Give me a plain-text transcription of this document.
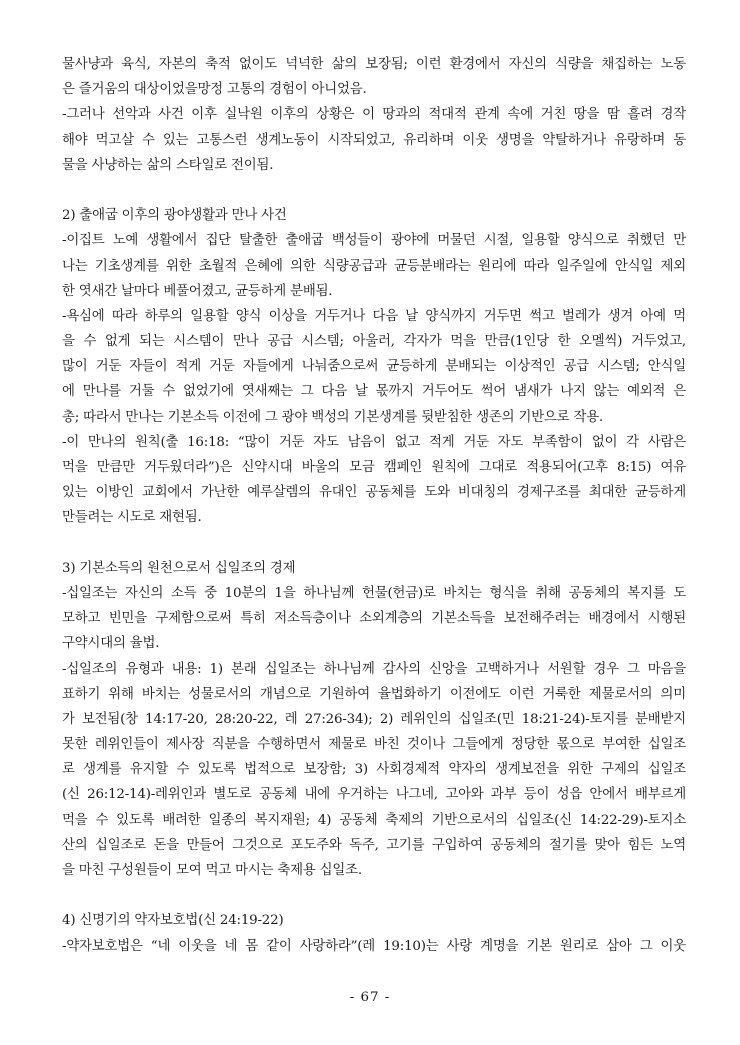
물사냥과 육식, 자본의 축적 없이도 넉넉한 삶의 보장됨; 이런 환경에서 자신의 식량을 채집하는 노동
은 즐거움의 대상이었을망정 고통의 경험이 아니었음.
-그러나 선악과 사건 이후 실낙원 이후의 상황은 이 땅과의 적대적 관계 속에 거친 땅을 땀 흘려 경작
해야 먹고살 수 있는 고통스런 생계노동이 시작되었고, 유리하며 이웃 생명을 약탈하거나 유랑하며 동
물을 사냥하는 삶의 스타일로 전이됨.
2) 출애굽 이후의 광야생활과 만나 사건
-이집트 노예 생활에서 집단 탈출한 출애굽 백성들이 광야에 머물던 시절, 일용할 양식으로 취했던 만
나는 기초생계를 위한 초월적 은혜에 의한 식량공급과 균등분배라는 원리에 따라 일주일에 안식일 제외
한 엿새간 날마다 베풀어졌고, 균등하게 분배됨.
-욕심에 따라 하루의 일용할 양식 이상을 거두거나 다음 날 양식까지 거두면 썩고 벌레가 생겨 아예 먹
을 수 없게 되는 시스템이 만나 공급 시스템; 아울러, 각자가 먹을 만큼(1인당 한 오멜씩) 거두었고,
많이 거둔 자들이 적게 거둔 자들에게 나눠줌으로써 균등하게 분배되는 이상적인 공급 시스템; 안식일
에 만나를 거둘 수 없었기에 엿새째는 그 다음 날 몫까지 거두어도 썩어 냄새가 나지 않는 예외적 은
총; 따라서 만나는 기본소득 이전에 그 광야 백성의 기본생계를 뒷받침한 생존의 기반으로 작용.
-이 만나의 원칙(출 16:18: “많이 거둔 자도 남음이 없고 적게 거둔 자도 부족함이 없이 각 사람은
먹을 만큼만 거두웠더라”)은 신약시대 바울의 모금 캠페인 원칙에 그대로 적용되어(고후 8:15) 여유
있는 이방인 교회에서 가난한 예루살렘의 유대인 공동체를 도와 비대칭의 경제구조를 최대한 균등하게
만들려는 시도로 재현됨.
3) 기본소득의 원천으로서 십일조의 경제
-십일조는 자신의 소득 중 10분의 1을 하나님께 헌물(헌금)로 바치는 형식을 취해 공동체의 복지를 도
모하고 빈민을 구제함으로써 특히 저소득층이나 소외계층의 기본소득을 보전해주려는 배경에서 시행된
구약시대의 율법.
-십일조의 유형과 내용: 1) 본래 십일조는 하나님께 감사의 신앙을 고백하거나 서원할 경우 그 마음을
표하기 위해 바치는 성물로서의 개념으로 기원하여 율법화하기 이전에도 이런 거룩한 제물로서의 의미
가 보전됨(창 14:17-20, 28:20-22, 레 27:26-34); 2) 레위인의 십일조(민 18:21-24)-토지를 분배받지
못한 레위인들이 제사장 직분을 수행하면서 제물로 바친 것이나 그들에게 정당한 몫으로 부여한 십일조
로 생계를 유지할 수 있도록 법적으로 보장함; 3) 사회경제적 약자의 생계보전을 위한 구제의 십일조
(신 26:12-14)-레위인과 별도로 공동체 내에 우거하는 나그네, 고아와 과부 등이 성읍 안에서 배부르게
먹을 수 있도록 배려한 일종의 복지재원; 4) 공동체 축제의 기반으로서의 십일조(신 14:22-29)-토지소
산의 십일조로 돈을 만들어 그것으로 포도주와 독주, 고기를 구입하여 공동체의 절기를 맞아 힘든 노역
을 마친 구성원들이 모여 먹고 마시는 축제용 십일조.
4) 신명기의 약자보호법(신 24:19-22)
-약자보호법은 “네 이웃을 네 몸 같이 사랑하라”(레 19:10)는 사랑 계명을 기본 원리로 삼아 그 이웃
- 67 -
